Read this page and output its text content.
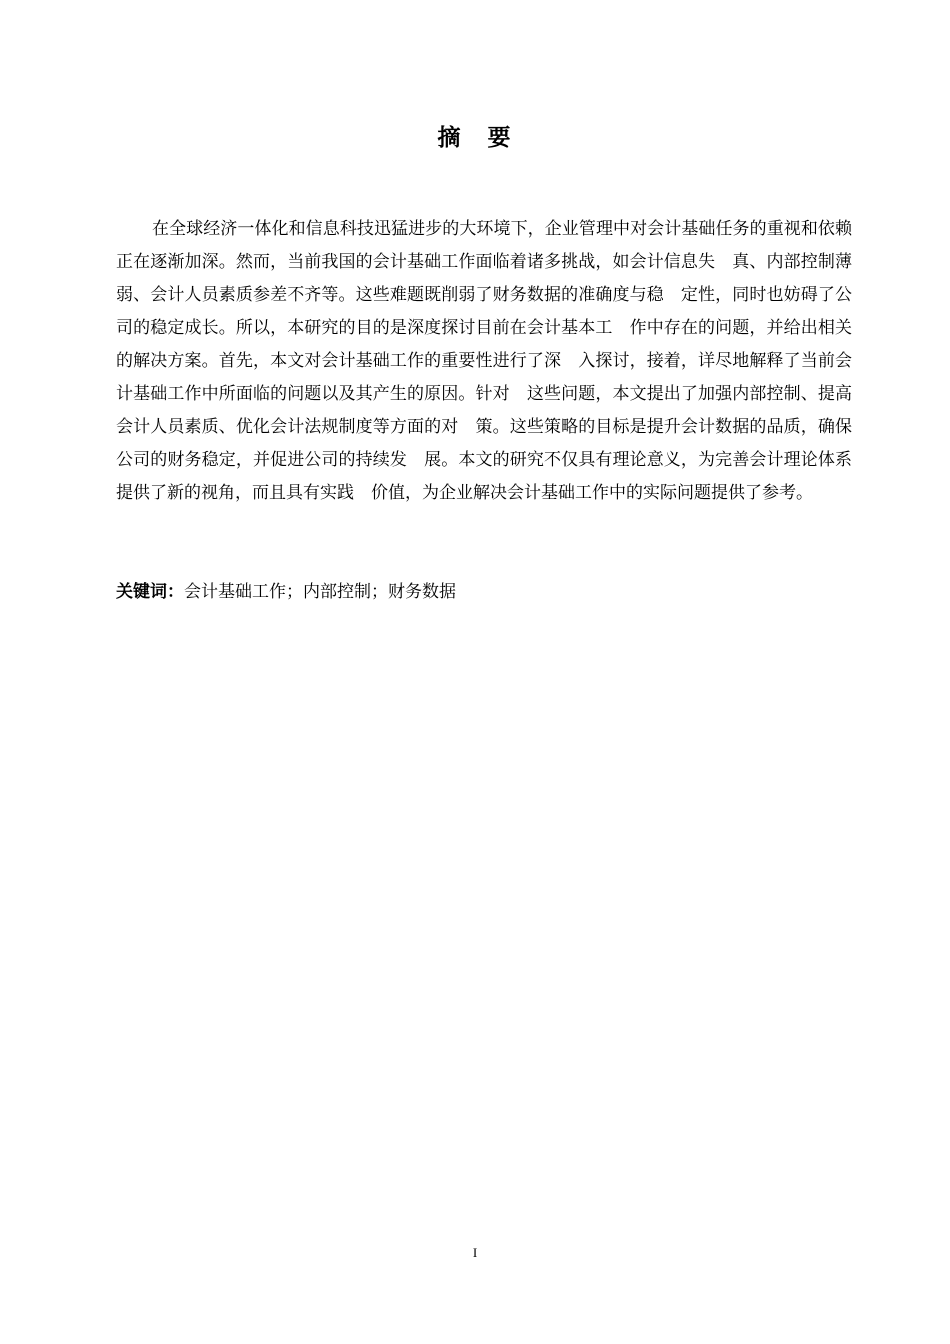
摘　要

在全球经济一体化和信息科技迅猛进步的大环境下，企业管理中对会计基础任务的重视和依赖正在逐渐加深。然而，当前我国的会计基础工作面临着诸多挑战，如会计信息失　真、内部控制薄弱、会计人员素质参差不齐等。这些难题既削弱了财务数据的准确度与稳　定性，同时也妨碍了公司的稳定成长。所以，本研究的目的是深度探讨目前在会计基本工　作中存在的问题，并给出相关的解决方案。首先，本文对会计基础工作的重要性进行了深　入探讨，接着，详尽地解释了当前会计基础工作中所面临的问题以及其产生的原因。针对　这些问题，本文提出了加强内部控制、提高会计人员素质、优化会计法规制度等方面的对　策。这些策略的目标是提升会计数据的品质，确保公司的财务稳定，并促进公司的持续发　展。本文的研究不仅具有理论意义，为完善会计理论体系提供了新的视角，而且具有实践　价值，为企业解决会计基础工作中的实际问题提供了参考。

关键词：会计基础工作；内部控制；财务数据
I
